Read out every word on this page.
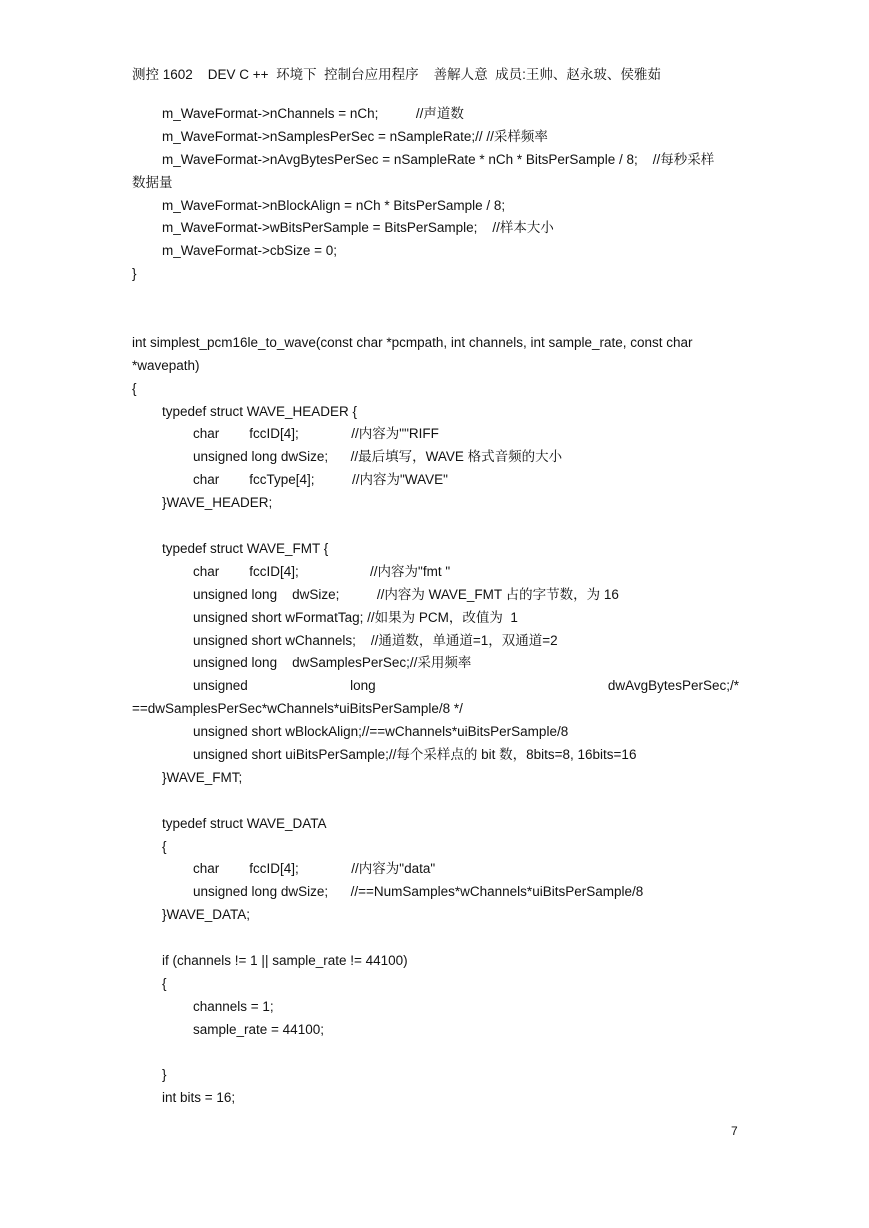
测控 1602    DEV C ++  环境下  控制台应用程序    善解人意  成员:王帅、赵永玻、侯雅茹
m_WaveFormat->nChannels = nCh;          //声道数
m_WaveFormat->nSamplesPerSec = nSampleRate;// //采样频率
m_WaveFormat->nAvgBytesPerSec = nSampleRate * nCh * BitsPerSample / 8;    //每秒采样
数据量
m_WaveFormat->nBlockAlign = nCh * BitsPerSample / 8;
m_WaveFormat->wBitsPerSample = BitsPerSample;    //样本大小
m_WaveFormat->cbSize = 0;
}
int simplest_pcm16le_to_wave(const char *pcmpath, int channels, int sample_rate, const char
*wavepath)
{
typedef struct WAVE_HEADER {
char        fccID[4];              //内容为""RIFF
unsigned long dwSize;      //最后填写，WAVE 格式音频的大小
char        fccType[4];          //内容为"WAVE"
}WAVE_HEADER;
typedef struct WAVE_FMT {
char        fccID[4];                   //内容为"fmt "
unsigned long    dwSize;          //内容为 WAVE_FMT 占的字节数，为 16
unsigned short wFormatTag; //如果为 PCM，改值为  1
unsigned short wChannels;    //通道数，单通道=1，双通道=2
unsigned long    dwSamplesPerSec;//采用频率
unsigned	long	dwAvgBytesPerSec;/*
==dwSamplesPerSec*wChannels*uiBitsPerSample/8 */
unsigned short wBlockAlign;//==wChannels*uiBitsPerSample/8
unsigned short uiBitsPerSample;//每个采样点的 bit 数，8bits=8, 16bits=16
}WAVE_FMT;
typedef struct WAVE_DATA
{
char        fccID[4];              //内容为"data"
unsigned long dwSize;      //==NumSamples*wChannels*uiBitsPerSample/8
}WAVE_DATA;
if (channels != 1 || sample_rate != 44100)
{
channels = 1;
sample_rate = 44100;
}
int bits = 16;
7
